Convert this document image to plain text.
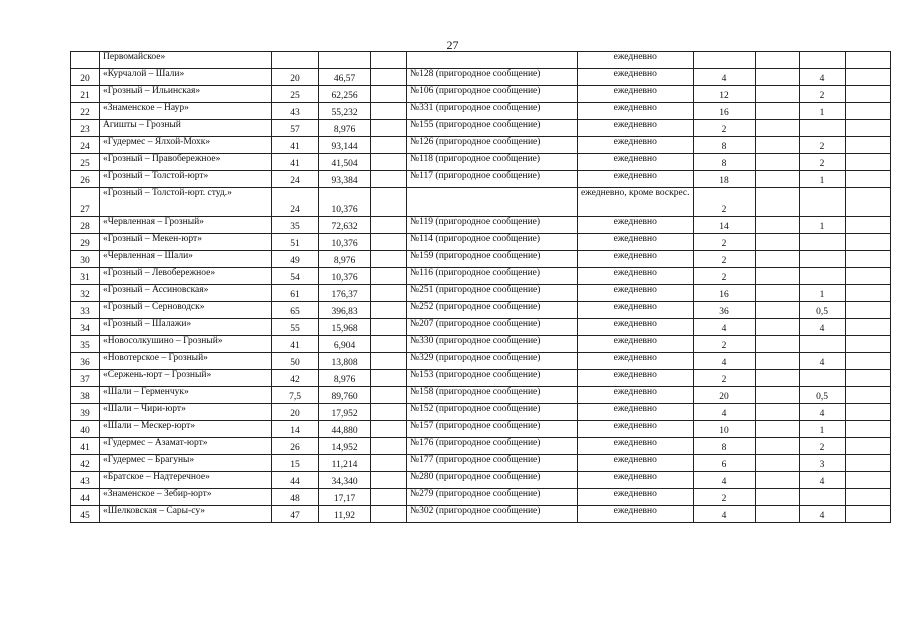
27
	Первомайское»					ежедневно				
20	«Курчалой – Шали»	20	46,57		№128 (пригородное сообщение)	ежедневно	4		4	
21	«Грозный – Ильинская»	25	62,256		№106 (пригородное сообщение)	ежедневно	12		2	
22	«Знаменское – Наур»	43	55,232		№331 (пригородное сообщение)	ежедневно	16		1	
23	Агишты – Грозный	57	8,976		№155 (пригородное сообщение)	ежедневно	2			
24	«Гудермес – Ялхой-Мохк»	41	93,144		№126 (пригородное сообщение)	ежедневно	8		2	
25	«Грозный – Правобережное»	41	41,504		№118 (пригородное сообщение)	ежедневно	8		2	
26	«Грозный – Толстой-юрт»	24	93,384		№117 (пригородное сообщение)	ежедневно	18		1	
27	«Грозный – Толстой-юрт. студ.»	24	10,376			ежедневно, кроме воскрес.	2			
28	«Червленная – Грозный»	35	72,632		№119 (пригородное сообщение)	ежедневно	14		1	
29	«Грозный – Мекен-юрт»	51	10,376		№114 (пригородное сообщение)	ежедневно	2			
30	«Червленная – Шали»	49	8,976		№159 (пригородное сообщение)	ежедневно	2			
31	«Грозный – Левобережное»	54	10,376		№116 (пригородное сообщение)	ежедневно	2			
32	«Грозный – Ассиновская»	61	176,37		№251 (пригородное сообщение)	ежедневно	16		1	
33	«Грозный – Серноводск»	65	396,83		№252 (пригородное сообщение)	ежедневно	36		0,5	
34	«Грозный – Шалажи»	55	15,968		№207 (пригородное сообщение)	ежедневно	4		4	
35	«Новоcолкушино – Грозный»	41	6,904		№330 (пригородное сообщение)	ежедневно	2			
36	«Новотерское – Грозный»	50	13,808		№329 (пригородное сообщение)	ежедневно	4		4	
37	«Сержень-юрт – Грозный»	42	8,976		№153 (пригородное сообщение)	ежедневно	2			
38	«Шали – Герменчук»	7,5	89,760		№158 (пригородное сообщение)	ежедневно	20		0,5	
39	«Шали – Чири-юрт»	20	17,952		№152 (пригородное сообщение)	ежедневно	4		4	
40	«Шали – Мескер-юрт»	14	44,880		№157 (пригородное сообщение)	ежедневно	10		1	
41	«Гудермес – Азамат-юрт»	26	14,952		№176 (пригородное сообщение)	ежедневно	8		2	
42	«Гудермес – Брагуны»	15	11,214		№177 (пригородное сообщение)	ежедневно	6		3	
43	«Братское – Надтеречное»	44	34,340		№280 (пригородное сообщение)	ежедневно	4		4	
44	«Знаменское – Зебир-юрт»	48	17,17		№279 (пригородное сообщение)	ежедневно	2			
45	«Шелковская – Сары-су»	47	11,92		№302 (пригородное сообщение)	ежедневно	4		4	
